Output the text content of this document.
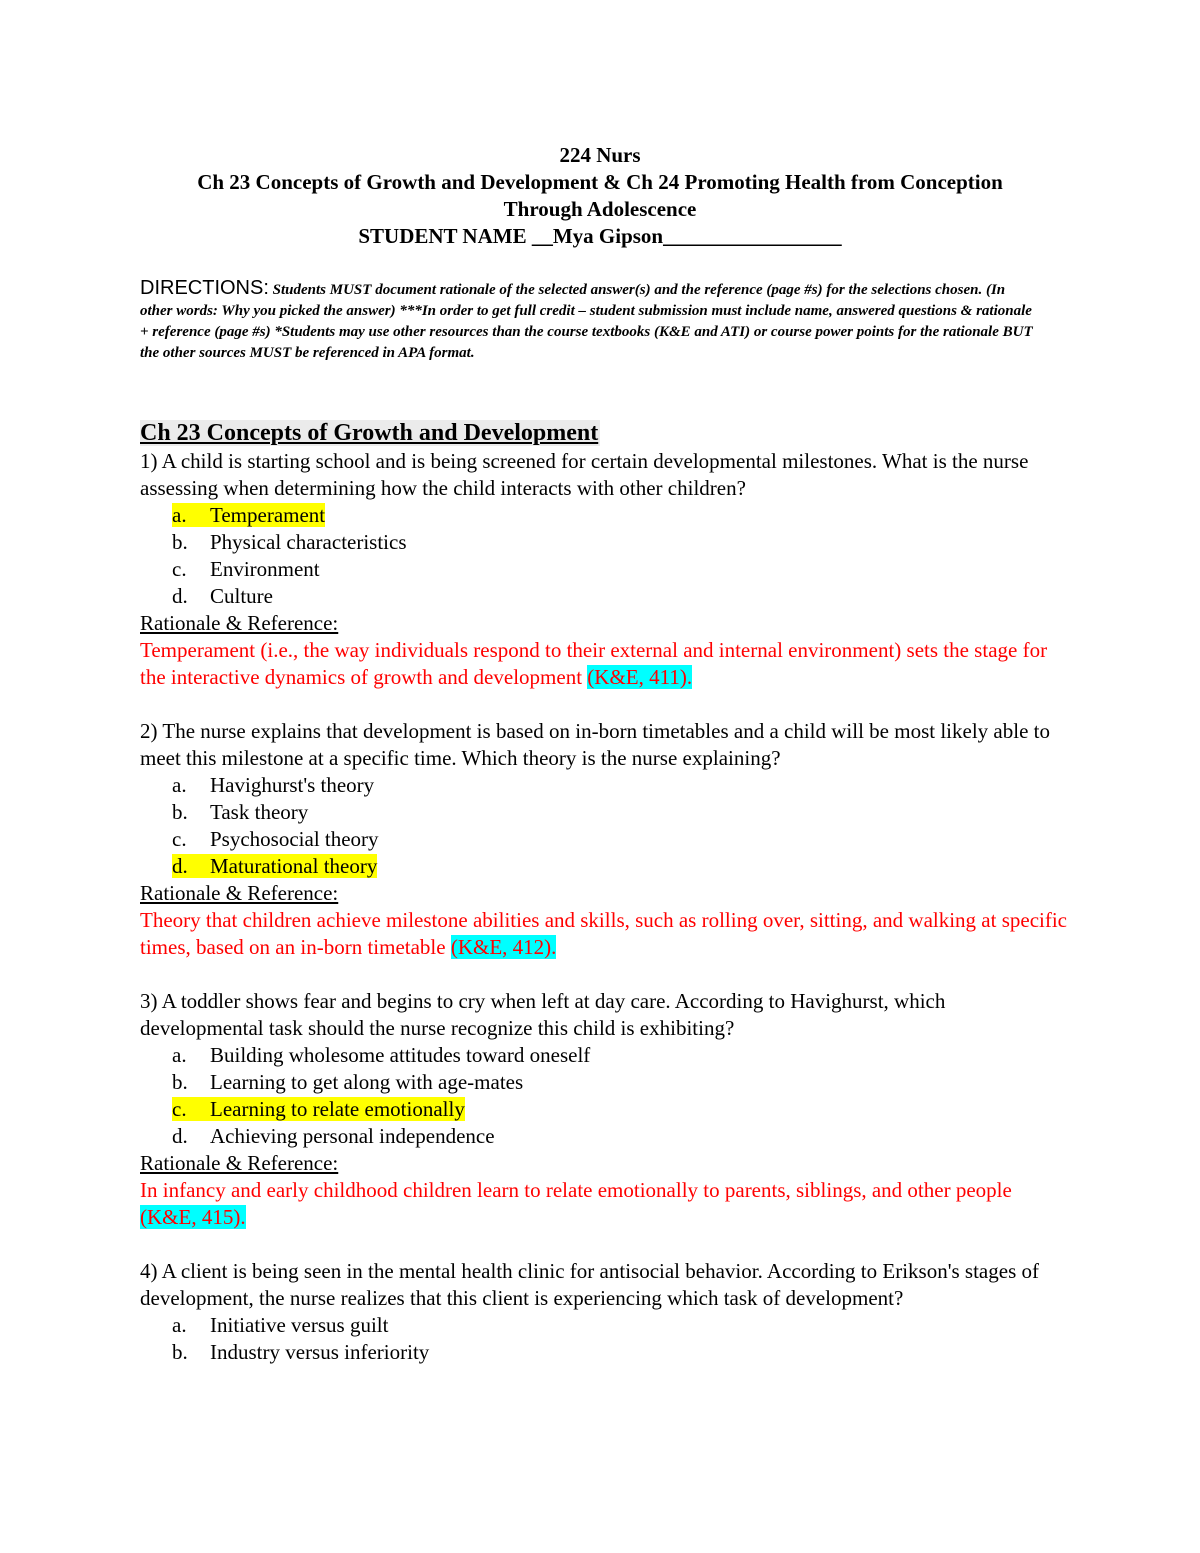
224 Nurs
Ch 23 Concepts of Growth and Development & Ch 24 Promoting Health from Conception
Through Adolescence
STUDENT NAME __Mya Gipson_________________
DIRECTIONS: Students MUST document rationale of the selected answer(s) and the reference (page #s) for the selections chosen. (In other words: Why you picked the answer) ***In order to get full credit – student submission must include name, answered questions & rationale + reference (page #s) *Students may use other resources than the course textbooks (K&E and ATI) or course power points for the rationale BUT the other sources MUST be referenced in APA format.
Ch 23 Concepts of Growth and Development

1) A child is starting school and is being screened for certain developmental milestones. What is the nurse assessing when determining how the child interacts with other children?

a. Temperament
b. Physical characteristics
c. Environment
d. Culture

Rationale & Reference:

Temperament (i.e., the way individuals respond to their external and internal environment) sets the stage for the interactive dynamics of growth and development (K&E, 411).

2) The nurse explains that development is based on in-born timetables and a child will be most likely able to meet this milestone at a specific time. Which theory is the nurse explaining?

a. Havighurst's theory
b. Task theory
c. Psychosocial theory
d. Maturational theory

Rationale & Reference:

Theory that children achieve milestone abilities and skills, such as rolling over, sitting, and walking at specific times, based on an in-born timetable (K&E, 412).

3) A toddler shows fear and begins to cry when left at day care. According to Havighurst, which developmental task should the nurse recognize this child is exhibiting?

a. Building wholesome attitudes toward oneself
b. Learning to get along with age-mates
c. Learning to relate emotionally
d. Achieving personal independence

Rationale & Reference:

In infancy and early childhood children learn to relate emotionally to parents, siblings, and other people (K&E, 415).

4) A client is being seen in the mental health clinic for antisocial behavior. According to Erikson's stages of development, the nurse realizes that this client is experiencing which task of development?

a. Initiative versus guilt
b. Industry versus inferiority
